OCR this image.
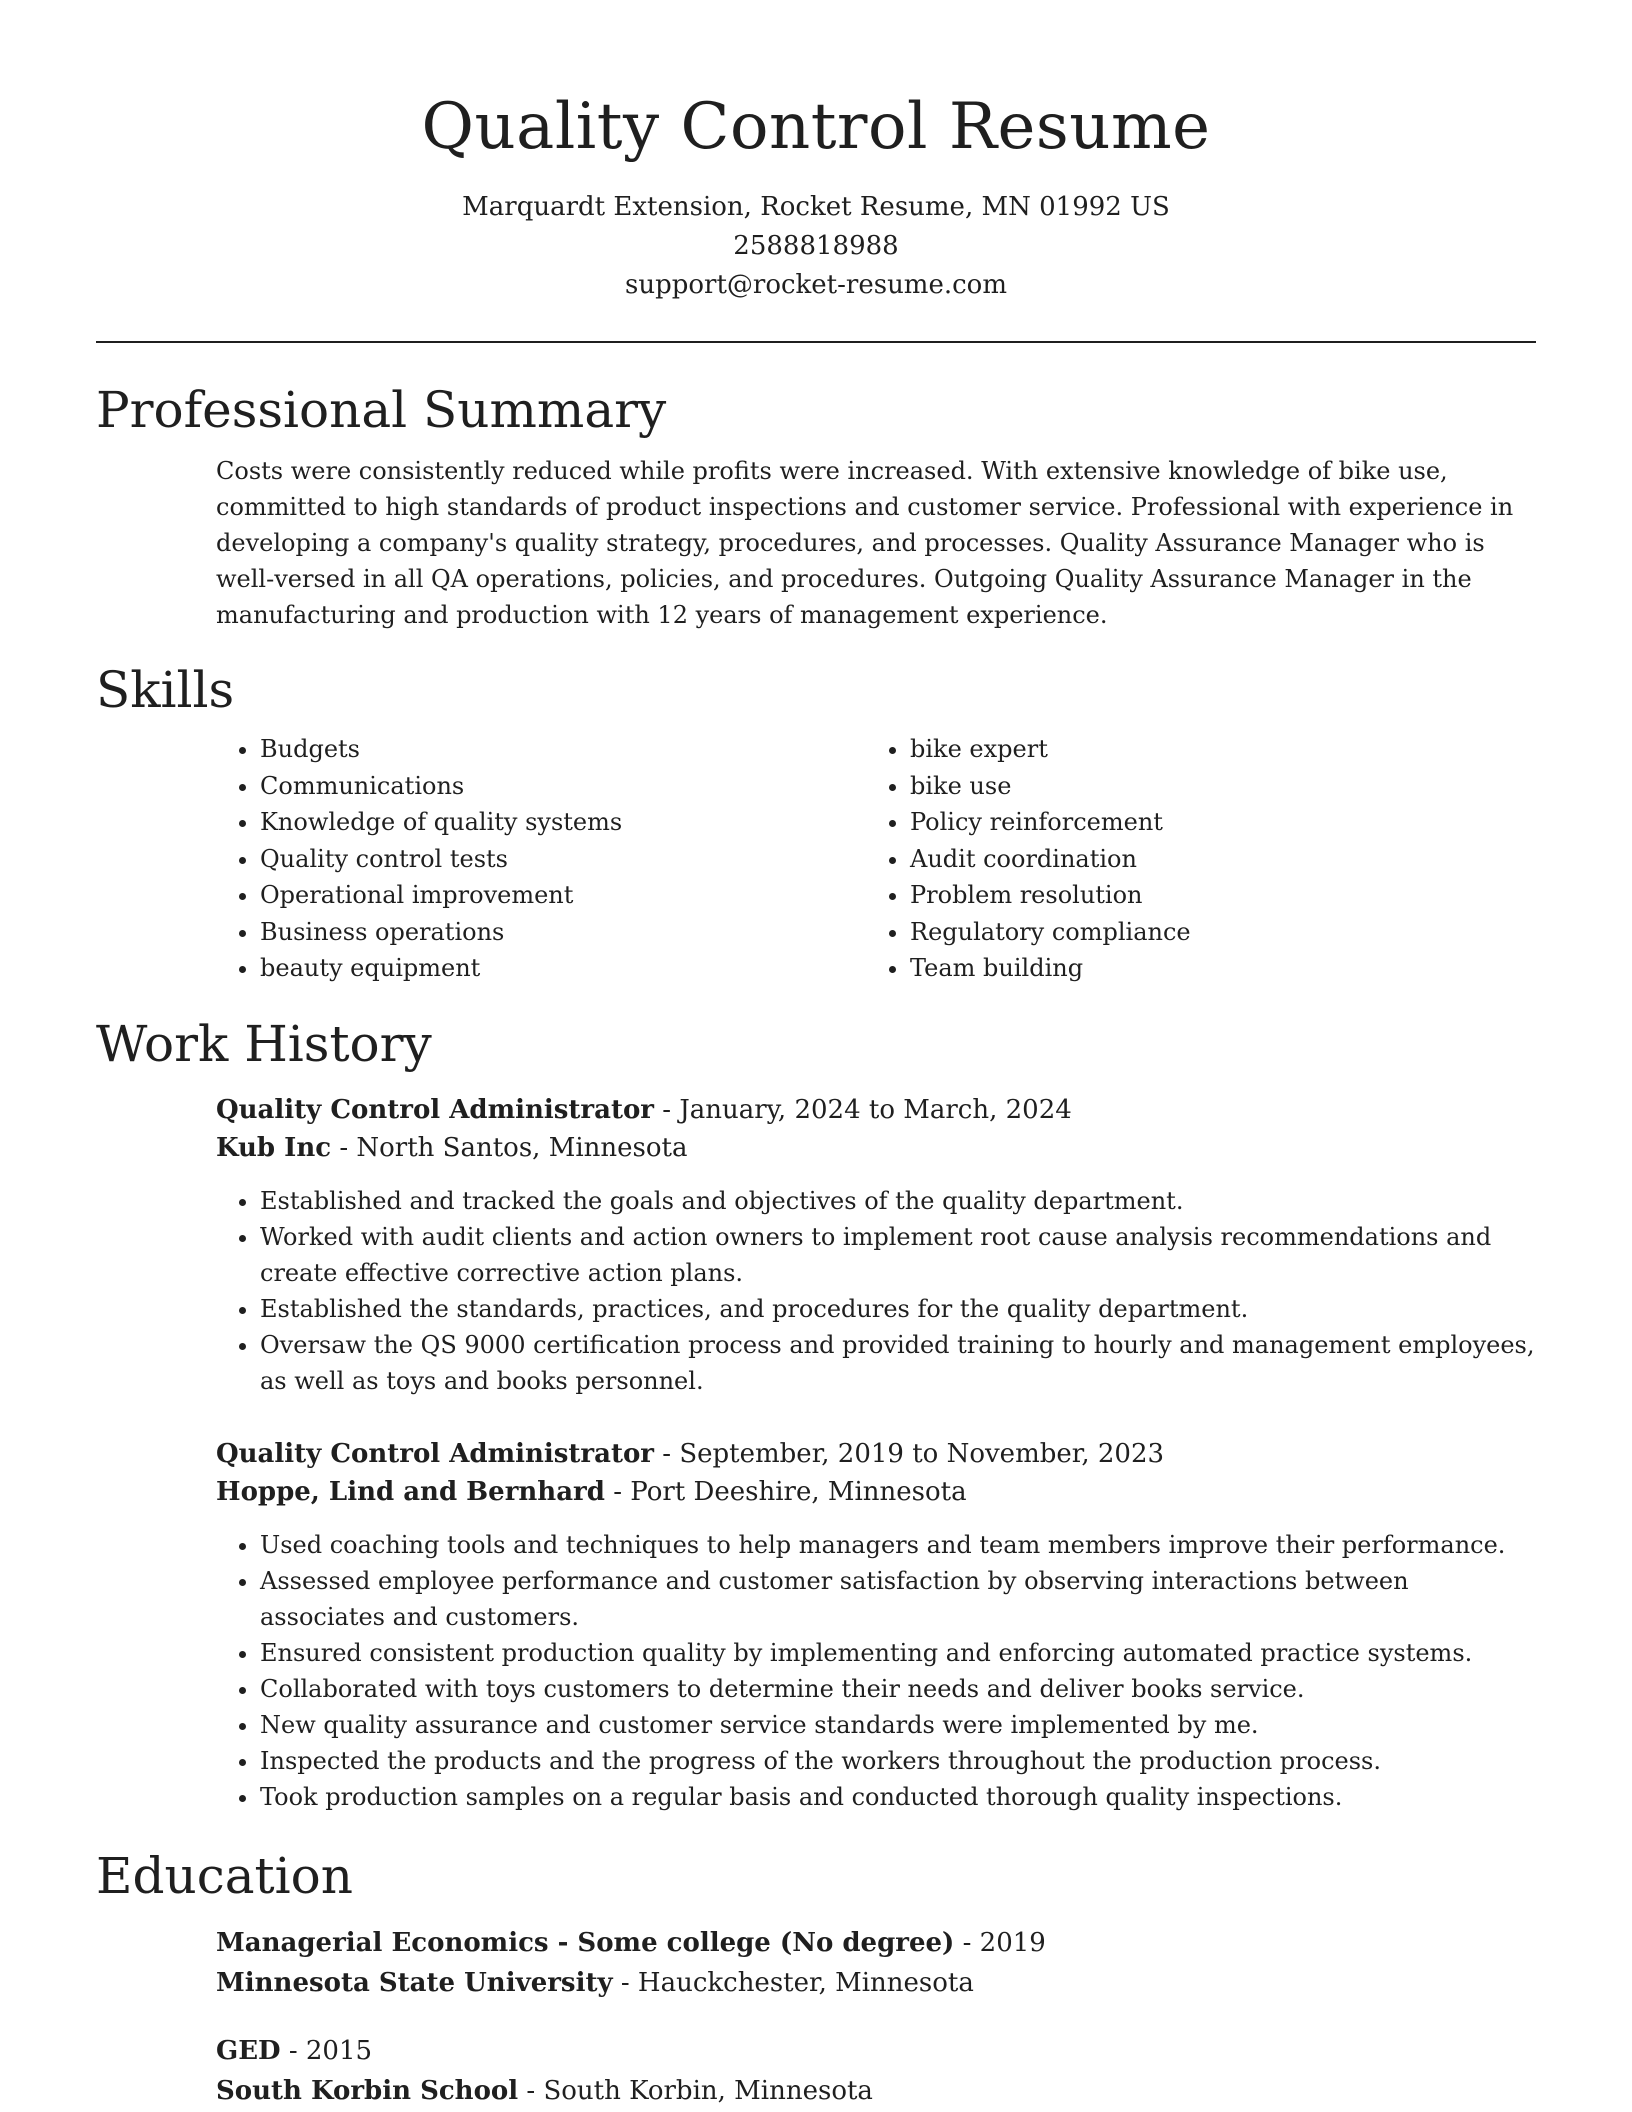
Quality Control Resume
Marquardt Extension, Rocket Resume, MN 01992 US
2588818988
support@rocket-resume.com
Professional Summary

Costs were consistently reduced while profits were increased. With extensive knowledge of bike use, committed to high standards of product inspections and customer service. Professional with experience in developing a company's quality strategy, procedures, and processes. Quality Assurance Manager who is well-versed in all QA operations, policies, and procedures. Outgoing Quality Assurance Manager in the manufacturing and production with 12 years of management experience.

Skills
• Budgets
• Communications
• Knowledge of quality systems
• Quality control tests
• Operational improvement
• Business operations
• beauty equipment
• bike expert
• bike use
• Policy reinforcement
• Audit coordination
• Problem resolution
• Regulatory compliance
• Team building
Work History
Quality Control Administrator - January, 2024 to March, 2024
Kub Inc - North Santos, Minnesota
• Established and tracked the goals and objectives of the quality department.
• Worked with audit clients and action owners to implement root cause analysis recommendations and create effective corrective action plans.
• Established the standards, practices, and procedures for the quality department.
• Oversaw the QS 9000 certification process and provided training to hourly and management employees, as well as toys and books personnel.
Quality Control Administrator - September, 2019 to November, 2023
Hoppe, Lind and Bernhard - Port Deeshire, Minnesota
• Used coaching tools and techniques to help managers and team members improve their performance.
• Assessed employee performance and customer satisfaction by observing interactions between associates and customers.
• Ensured consistent production quality by implementing and enforcing automated practice systems.
• Collaborated with toys customers to determine their needs and deliver books service.
• New quality assurance and customer service standards were implemented by me.
• Inspected the products and the progress of the workers throughout the production process.
• Took production samples on a regular basis and conducted thorough quality inspections.
Education
Managerial Economics - Some college (No degree) - 2019
Minnesota State University - Hauckchester, Minnesota
GED - 2015
South Korbin School - South Korbin, Minnesota
